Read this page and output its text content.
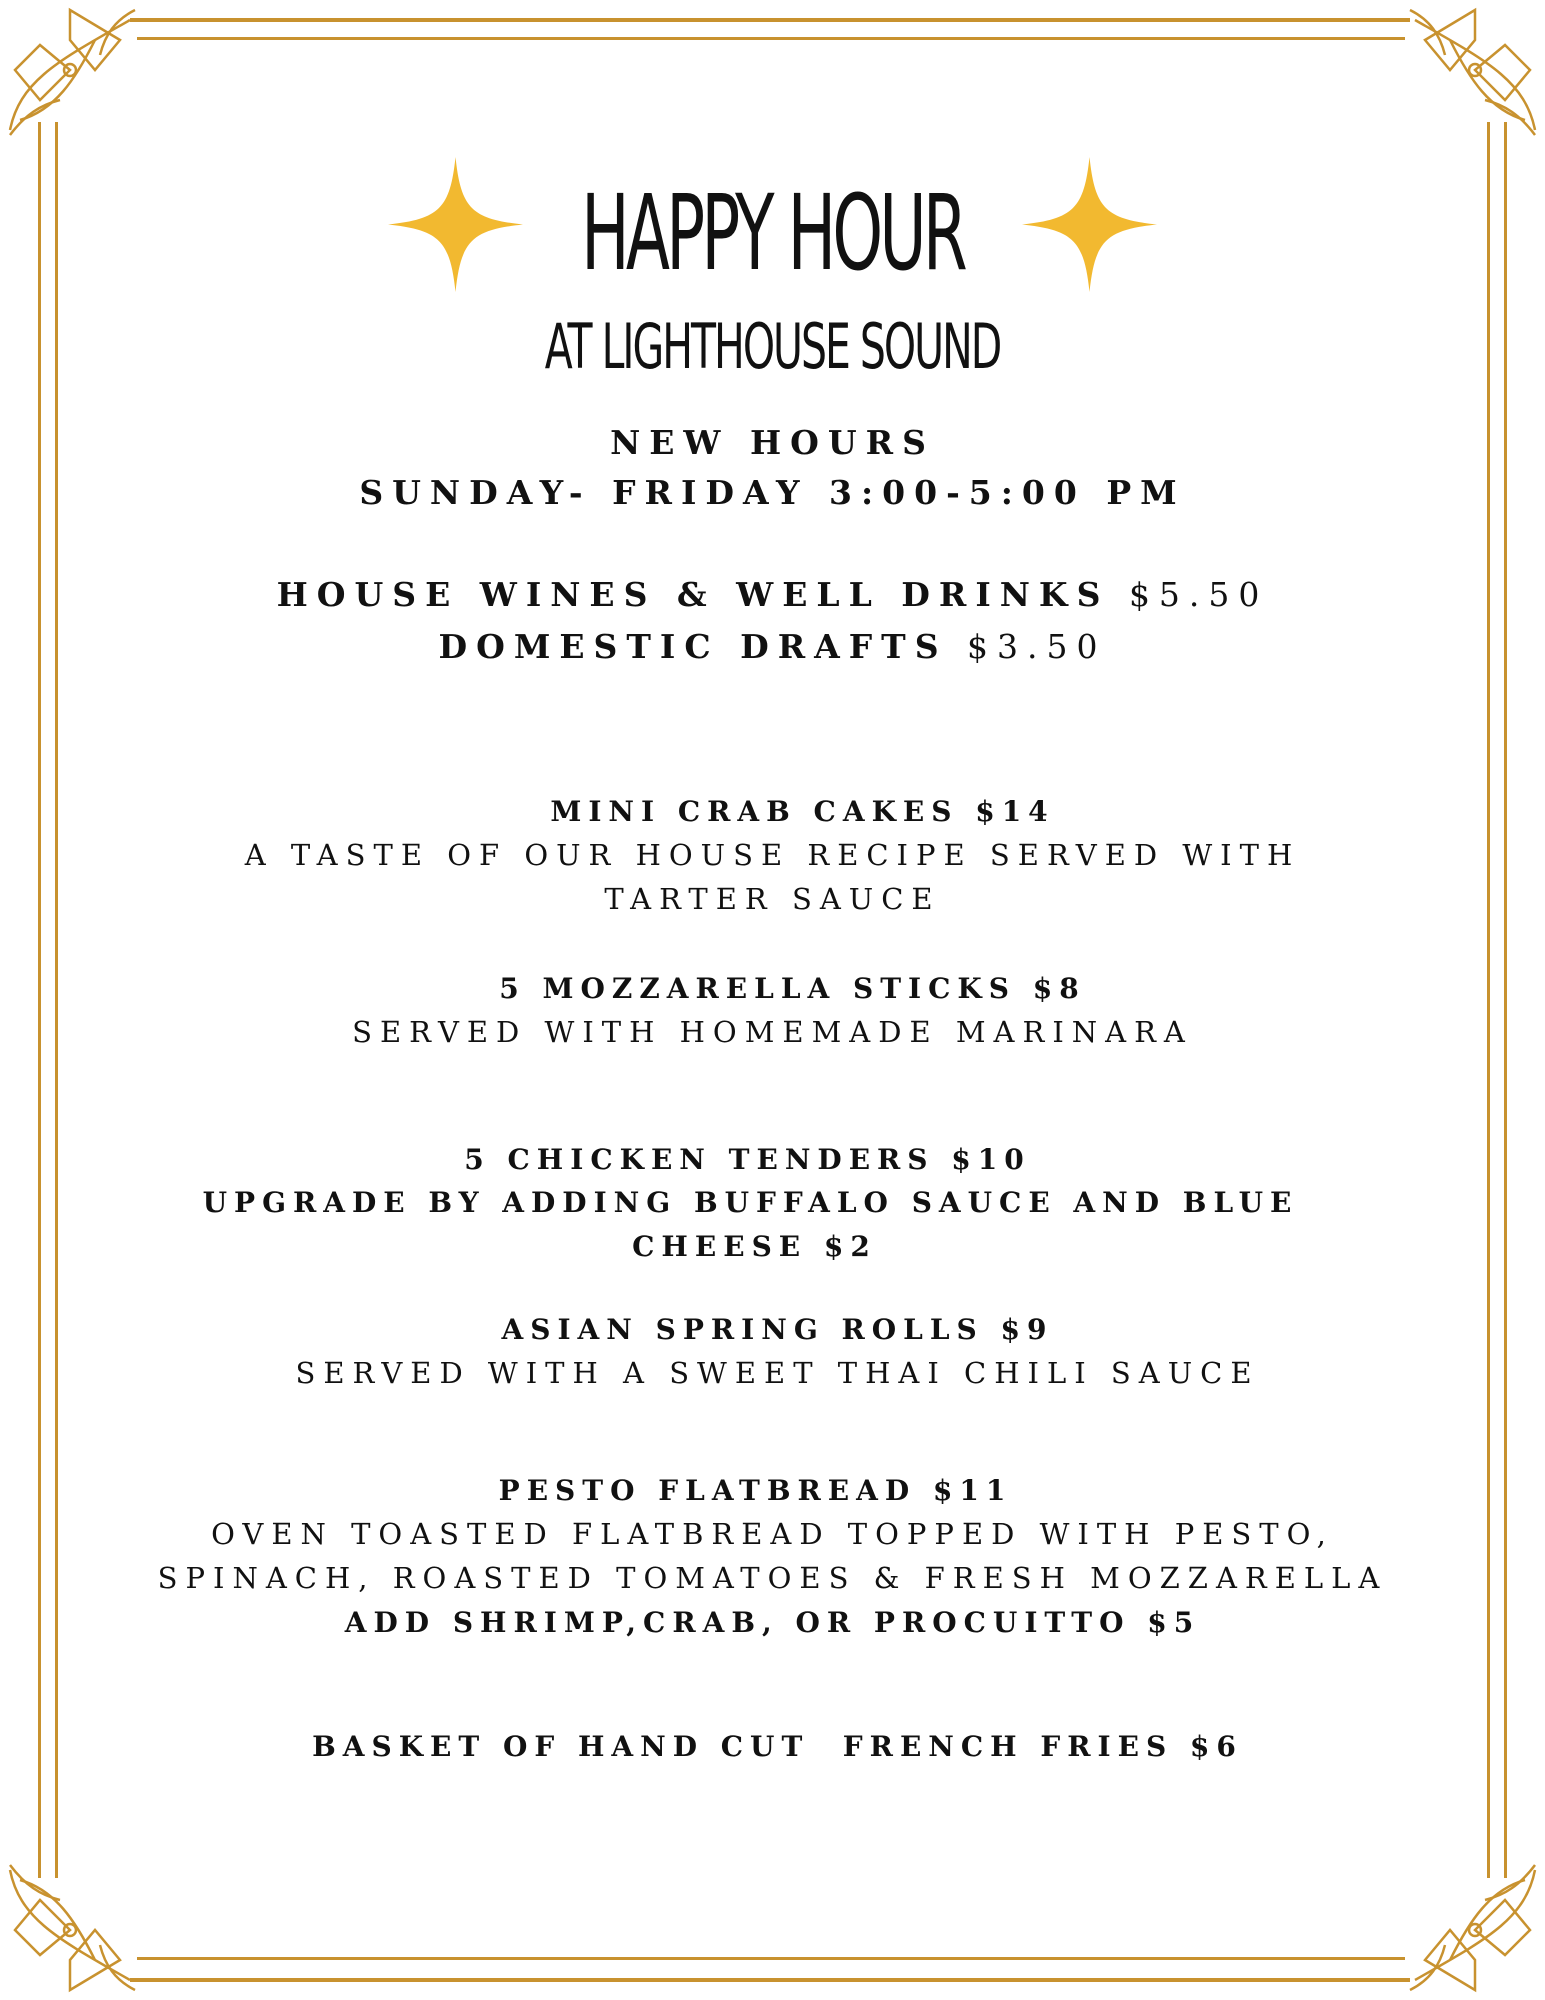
HAPPY HOUR
AT LIGHTHOUSE SOUND

NEW HOURS

SUNDAY- FRIDAY 3:00-5:00 PM

HOUSE WINES & WELL DRINKS $5.50

DOMESTIC DRAFTS $3.50

MINI CRAB CAKES $14

A TASTE OF OUR HOUSE RECIPE SERVED WITH

TARTER SAUCE

5 MOZZARELLA STICKS $8

SERVED WITH HOMEMADE MARINARA

5 CHICKEN TENDERS $10

UPGRADE BY ADDING BUFFALO SAUCE AND BLUE

CHEESE $2

ASIAN SPRING ROLLS $9

SERVED WITH A SWEET THAI CHILI SAUCE

PESTO FLATBREAD $11

OVEN TOASTED FLATBREAD TOPPED WITH PESTO,

SPINACH, ROASTED TOMATOES & FRESH MOZZARELLA

ADD SHRIMP,CRAB, OR PROCUITTO $5

BASKET OF HAND CUT  FRENCH FRIES $6
